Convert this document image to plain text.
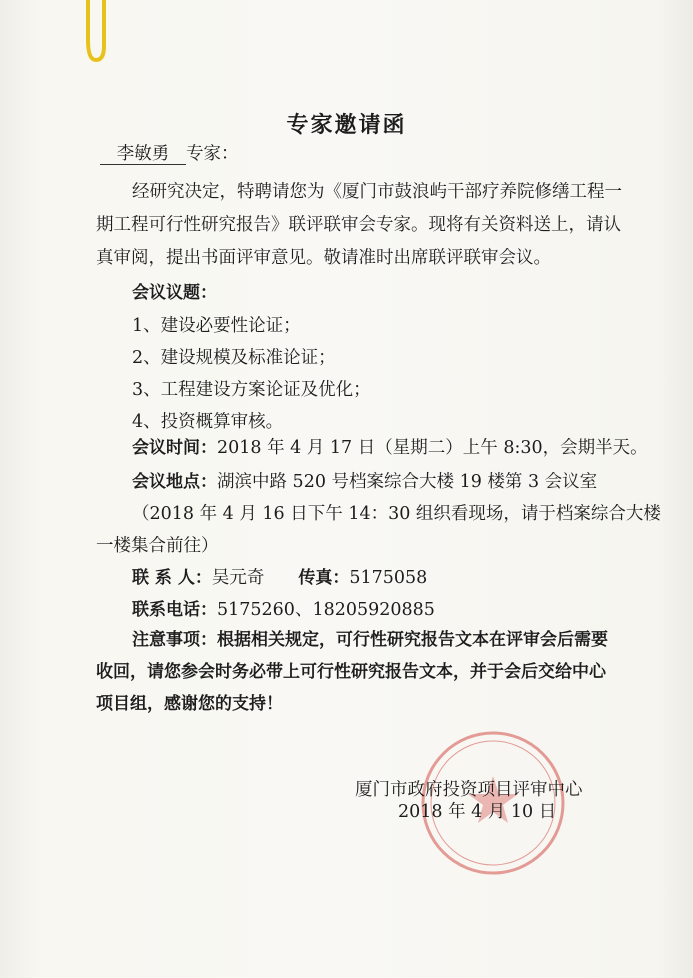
专家邀请函
李敏勇 专家：
经研究决定，特聘请您为《厦门市鼓浪屿干部疗养院修缮工程一
期工程可行性研究报告》联评联审会专家。现将有关资料送上，请认
真审阅，提出书面评审意见。敬请准时出席联评联审会议。
会议议题：
1、建设必要性论证；
2、建设规模及标准论证；
3、工程建设方案论证及优化；
4、投资概算审核。
会议时间：2018 年 4 月 17 日（星期二）上午 8:30，会期半天。
会议地点：湖滨中路 520 号档案综合大楼 19 楼第 3 会议室
（2018 年 4 月 16 日下午 14：30 组织看现场，请于档案综合大楼
一楼集合前往）
联 系 人：吴元奇 传真：5175058
联系电话：5175260、18205920885
注意事项：根据相关规定，可行性研究报告文本在评审会后需要
收回，请您参会时务必带上可行性研究报告文本，并于会后交给中心
项目组，感谢您的支持！
厦门市政府投资项目评审中心
2018 年 4 月 10 日
